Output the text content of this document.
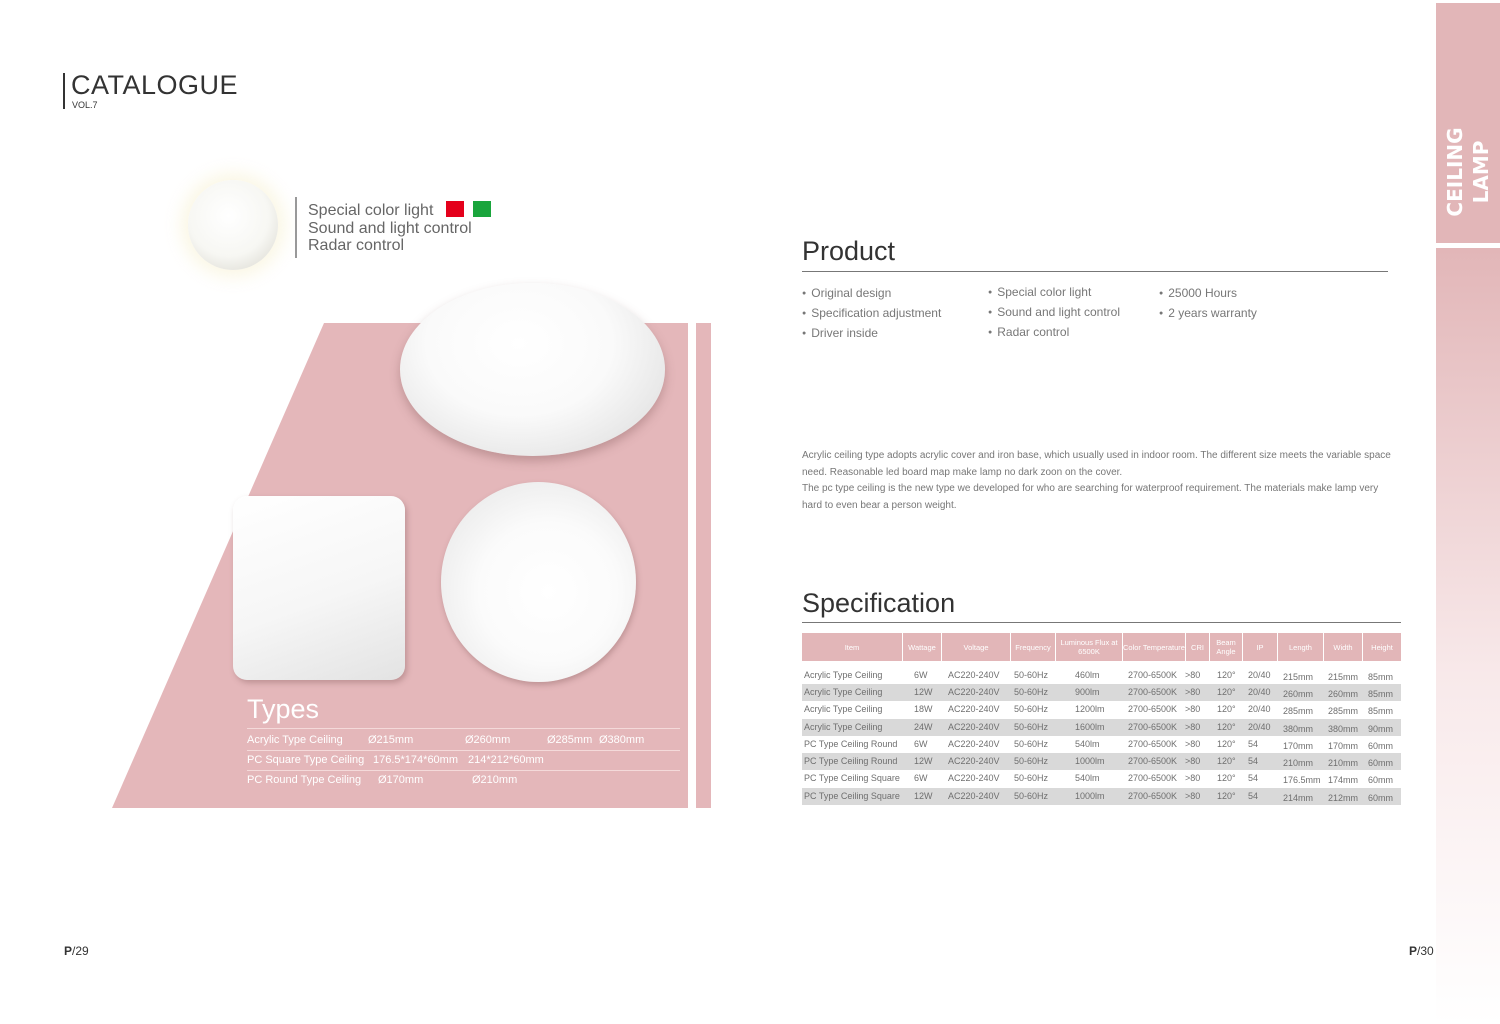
CATALOGUE
VOL.7
Special color light
Sound and light control
Radar control
Types
Acrylic Type Ceiling Ø215mm	Ø260mm	Ø285mm Ø380mm
PC Square Type Ceiling 176.5*174*60mm 214*212*60mm
PC Round Type Ceiling Ø170mm	Ø210mm
CEILING LAMP
Product
● Original design
● Specification adjustment
● Driver inside
● Special color light
● Sound and light control
● Radar control
● 25000 Hours
● 2 years warranty
Acrylic ceiling type adopts acrylic cover and iron base, which usually used in indoor room. The different size meets the variable space need. Reasonable led board map make lamp no dark zoon on the cover.
The pc type ceiling is the new type we developed for who are searching for waterproof requirement. The materials make lamp very hard to even bear a person weight.
Specification
Item	Wattage	Voltage	Frequency	Luminous Flux at 6500K	Color Temperature CRI	Beam Angle	IP	Length	Width	Height
Acrylic Type Ceiling	6W AC220-240V 50-60Hz	460lm	2700-6500K >80 120° 20/40 215mm 215mm 85mm
Acrylic Type Ceiling	12W AC220-240V 50-60Hz	900lm	2700-6500K >80 120° 20/40 260mm 260mm 85mm
Acrylic Type Ceiling	18W AC220-240V 50-60Hz	1200lm	2700-6500K >80 120° 20/40 285mm 285mm 85mm
Acrylic Type Ceiling	24W AC220-240V 50-60Hz	1600lm	2700-6500K >80 120° 20/40 380mm 380mm 90mm
PC Type Ceiling Round 6W AC220-240V 50-60Hz	540lm	2700-6500K >80 120° 54	170mm 170mm 60mm
PC Type Ceiling Round 12W AC220-240V 50-60Hz	1000lm	2700-6500K >80 120° 54	210mm 210mm 60mm
PC Type Ceiling Square 6W AC220-240V 50-60Hz	540lm	2700-6500K >80 120° 54	176.5mm 174mm 60mm
PC Type Ceiling Square 12W AC220-240V 50-60Hz	1000lm	2700-6500K >80 120° 54	214mm 212mm 60mm
P/29	P/30
